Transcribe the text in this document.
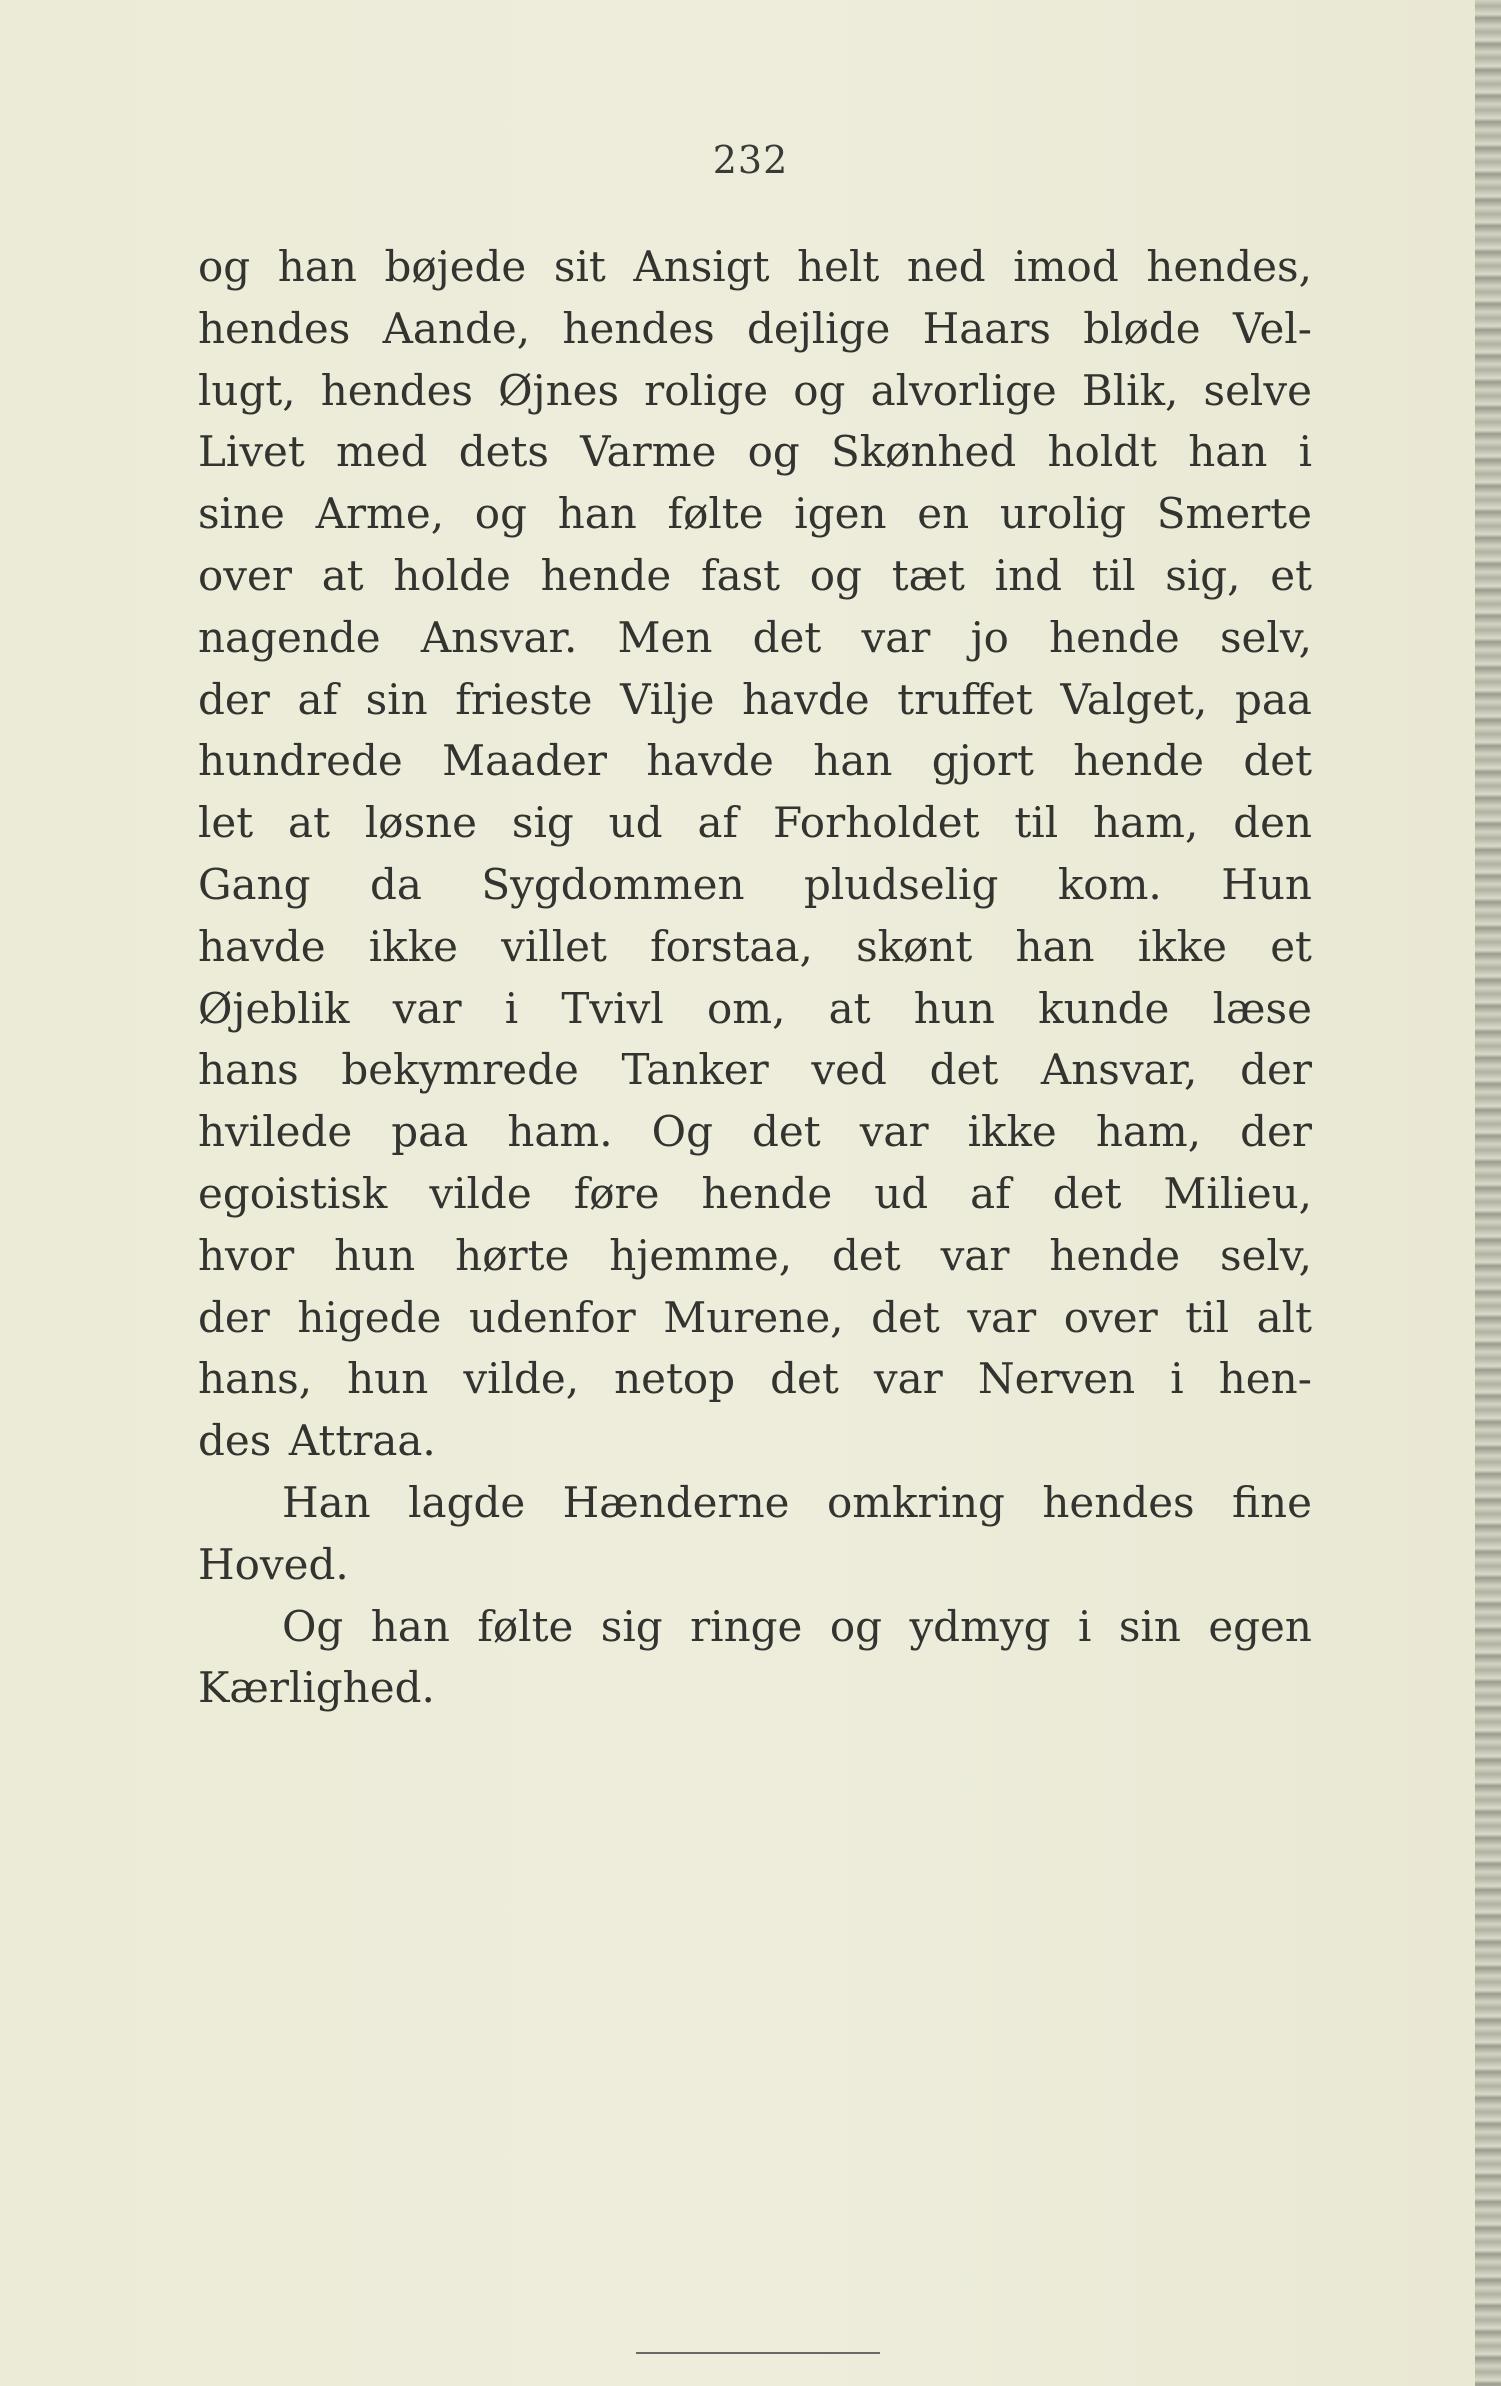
232
og han bøjede sit Ansigt helt ned imod hendes,
hendes Aande, hendes dejlige Haars bløde Vel-
lugt, hendes Øjnes rolige og alvorlige Blik, selve
Livet med dets Varme og Skønhed holdt han i
sine Arme, og han følte igen en urolig Smerte
over at holde hende fast og tæt ind til sig, et
nagende Ansvar. Men det var jo hende selv,
der af sin frieste Vilje havde truffet Valget, paa
hundrede Maader havde han gjort hende det
let at løsne sig ud af Forholdet til ham, den
Gang da Sygdommen pludselig kom. Hun
havde ikke villet forstaa, skønt han ikke et
Øjeblik var i Tvivl om, at hun kunde læse
hans bekymrede Tanker ved det Ansvar, der
hvilede paa ham. Og det var ikke ham, der
egoistisk vilde føre hende ud af det Milieu,
hvor hun hørte hjemme, det var hende selv,
der higede udenfor Murene, det var over til alt
hans, hun vilde, netop det var Nerven i hen-
des Attraa.
Han lagde Hænderne omkring hendes fine
Hoved.
Og han følte sig ringe og ydmyg i sin egen
Kærlighed.
